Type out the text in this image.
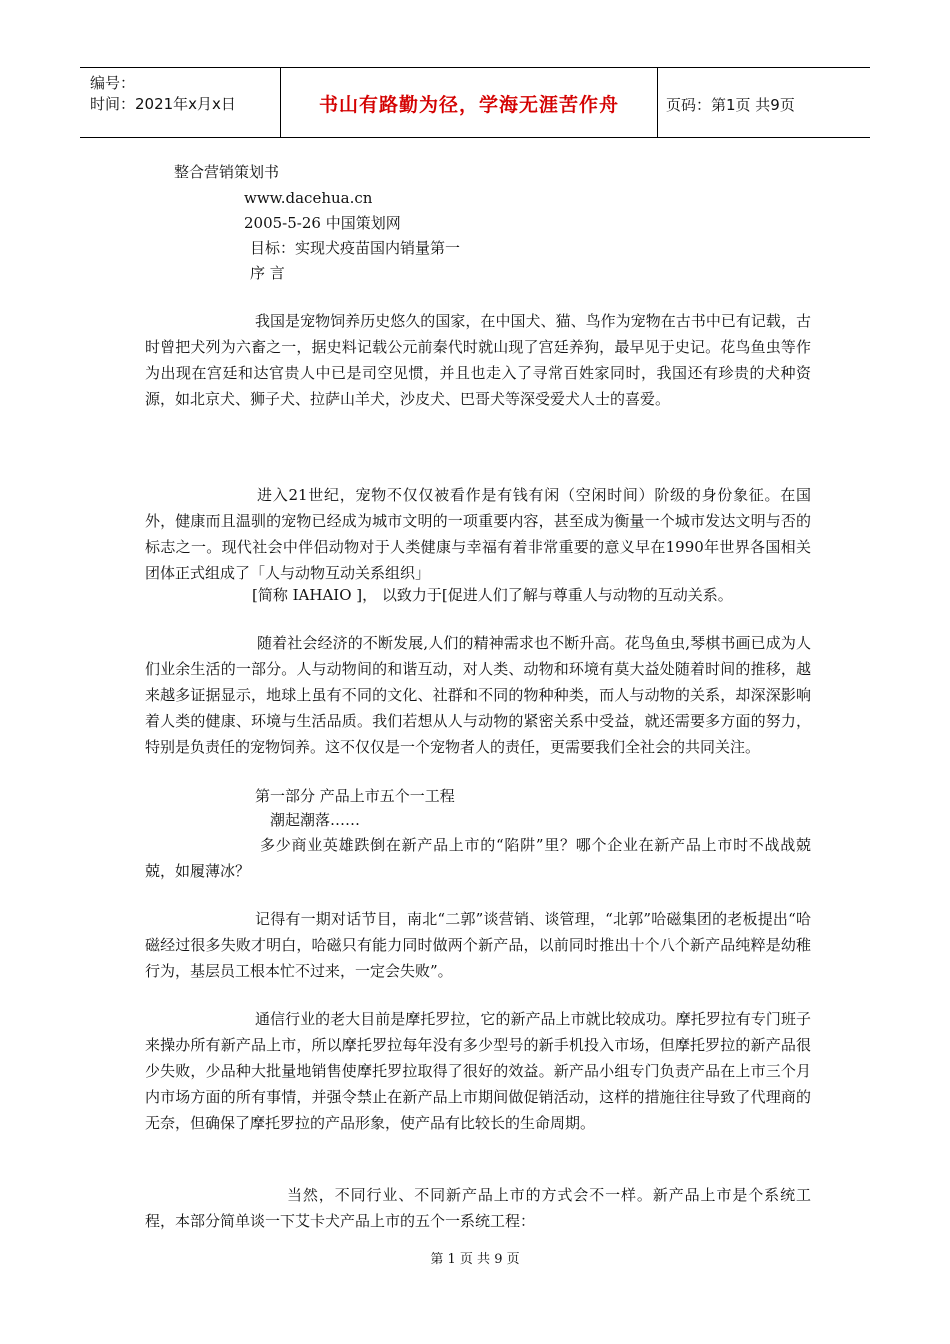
编号：
时间：2021年x月x日	书山有路勤为径，学海无涯苦作舟	页码：第1页 共9页
整合营销策划书
www.dacehua.cn
2005-5-26 中国策划网
目标：实现犬疫苗国内销量第一
序 言
我国是宠物饲养历史悠久的国家，在中国犬、猫、鸟作为宠物在古书中已有记载，古时曾把犬列为六畜之一，据史料记载公元前秦代时就山现了宫廷养狗，最早见于史记。花鸟鱼虫等作为出现在宫廷和达官贵人中已是司空见惯，并且也走入了寻常百姓家同时，我国还有珍贵的犬种资源，如北京犬、狮子犬、拉萨山羊犬，沙皮犬、巴哥犬等深受爱犬人士的喜爱。
进入21世纪，宠物不仅仅被看作是有钱有闲（空闲时间）阶级的身份象征。在国外，健康而且温驯的宠物已经成为城市文明的一项重要内容，甚至成为衡量一个城市发达文明与否的标志之一。现代社会中伴侣动物对于人类健康与幸福有着非常重要的意义早在1990年世界各国相关团体正式组成了「人与动物互动关系组织」
[简称 IAHAIO ]， 以致力于[促进人们了解与尊重人与动物的互动关系。
随着社会经济的不断发展,人们的精神需求也不断升高。花鸟鱼虫,琴棋书画已成为人们业余生活的一部分。人与动物间的和谐互动，对人类、动物和环境有莫大益处随着时间的推移，越来越多证据显示，地球上虽有不同的文化、社群和不同的物种种类，而人与动物的关系，却深深影响着人类的健康、环境与生活品质。我们若想从人与动物的紧密关系中受益，就还需要多方面的努力，特别是负责任的宠物饲养。这不仅仅是一个宠物者人的责任，更需要我们全社会的共同关注。
第一部分 产品上市五个一工程
潮起潮落……
多少商业英雄跌倒在新产品上市的“陷阱”里？哪个企业在新产品上市时不战战兢兢，如履薄冰？
记得有一期对话节目，南北“二郭”谈营销、谈管理，“北郭”哈磁集团的老板提出“哈磁经过很多失败才明白，哈磁只有能力同时做两个新产品，以前同时推出十个八个新产品纯粹是幼稚行为，基层员工根本忙不过来，一定会失败”。
通信行业的老大目前是摩托罗拉，它的新产品上市就比较成功。摩托罗拉有专门班子来操办所有新产品上市，所以摩托罗拉每年没有多少型号的新手机投入市场，但摩托罗拉的新产品很少失败，少品种大批量地销售使摩托罗拉取得了很好的效益。新产品小组专门负责产品在上市三个月内市场方面的所有事情，并强令禁止在新产品上市期间做促销活动，这样的措施往往导致了代理商的无奈，但确保了摩托罗拉的产品形象，使产品有比较长的生命周期。
当然，不同行业、不同新产品上市的方式会不一样。新产品上市是个系统工程，本部分简单谈一下艾卡犬产品上市的五个一系统工程：
第 1 页 共 9 页
